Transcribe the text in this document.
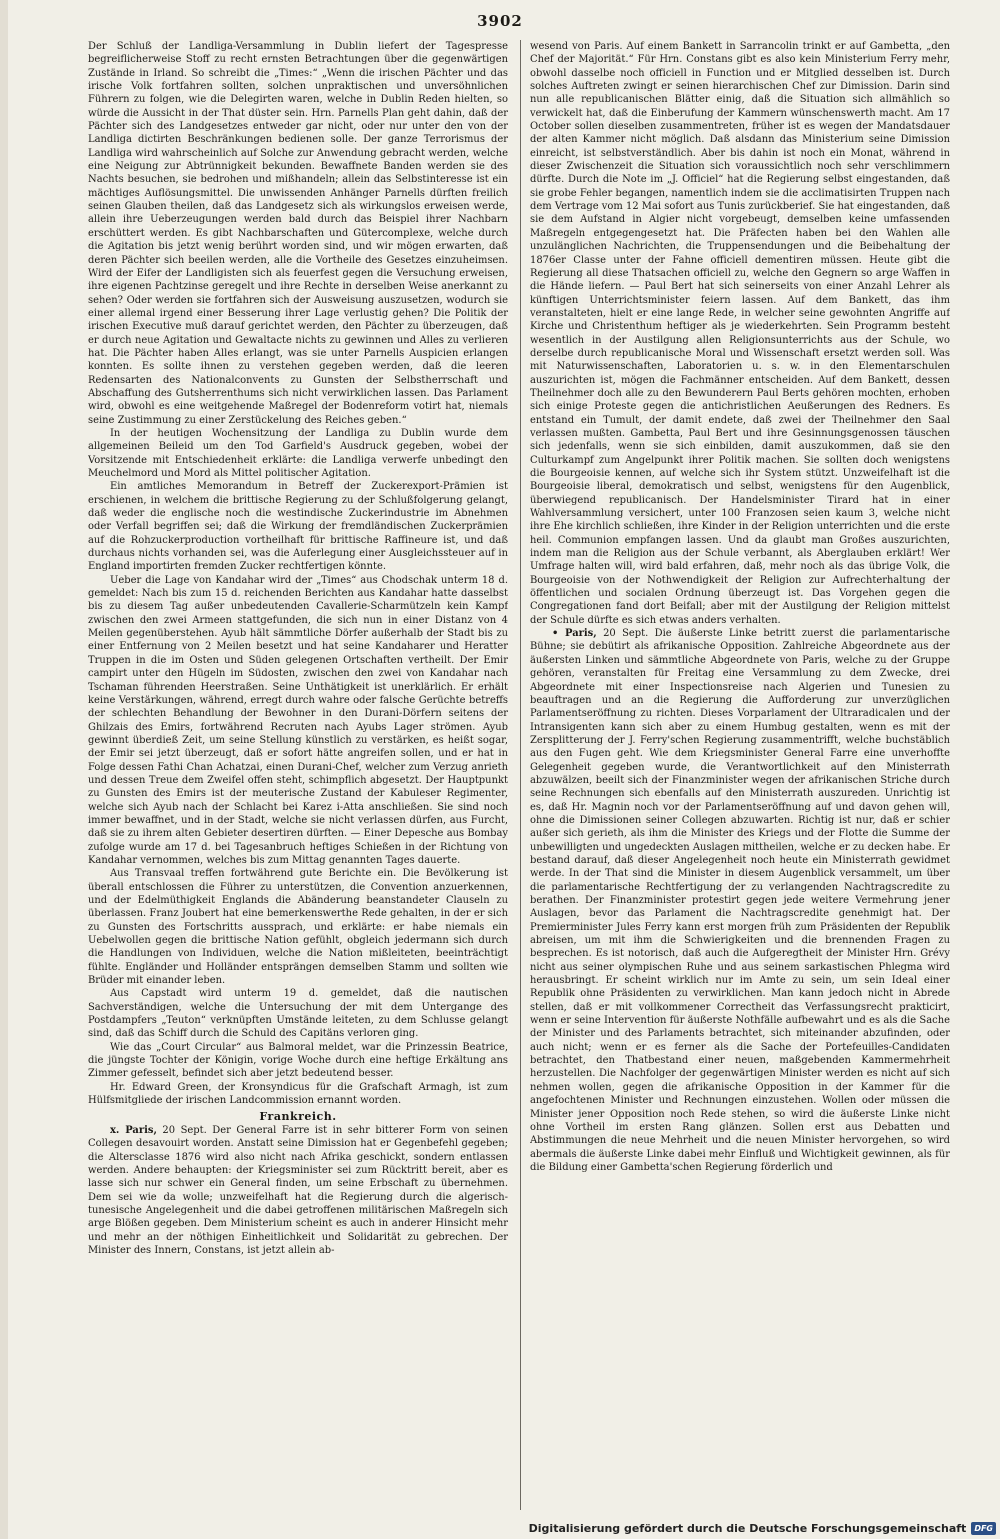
3902

Der Schluß der Landliga-Versammlung in Dublin liefert der Tagespresse begreiflicherweise Stoff zu recht ernsten Betrachtungen über die gegenwärtigen Zustände in Irland. So schreibt die „Times:“ „Wenn die irischen Pächter und das irische Volk fortfahren sollten, solchen unpraktischen und unversöhnlichen Führern zu folgen, wie die Delegirten waren, welche in Dublin Reden hielten, so würde die Aussicht in der That düster sein. Hrn. Parnells Plan geht dahin, daß der Pächter sich des Landgesetzes entweder gar nicht, oder nur unter den von der Landliga dictirten Beschränkungen bedienen solle. Der ganze Terrorismus der Landliga wird wahrscheinlich auf Solche zur Anwendung gebracht werden, welche eine Neigung zur Abtrünnigkeit bekunden. Bewaffnete Banden werden sie des Nachts besuchen, sie bedrohen und mißhandeln; allein das Selbstinteresse ist ein mächtiges Auflösungsmittel. Die unwissenden Anhänger Parnells dürften freilich seinen Glauben theilen, daß das Landgesetz sich als wirkungslos erweisen werde, allein ihre Ueberzeugungen werden bald durch das Beispiel ihrer Nachbarn erschüttert werden. Es gibt Nachbarschaften und Gütercomplexe, welche durch die Agitation bis jetzt wenig berührt worden sind, und wir mögen erwarten, daß deren Pächter sich beeilen werden, alle die Vortheile des Gesetzes einzuheimsen. Wird der Eifer der Landligisten sich als feuerfest gegen die Versuchung erweisen, ihre eigenen Pachtzinse geregelt und ihre Rechte in derselben Weise anerkannt zu sehen? Oder werden sie fortfahren sich der Ausweisung auszusetzen, wodurch sie einer allemal irgend einer Besserung ihrer Lage verlustig gehen? Die Politik der irischen Executive muß darauf gerichtet werden, den Pächter zu überzeugen, daß er durch neue Agitation und Gewaltacte nichts zu gewinnen und Alles zu verlieren hat. Die Pächter haben Alles erlangt, was sie unter Parnells Auspicien erlangen konnten. Es sollte ihnen zu verstehen gegeben werden, daß die leeren Redensarten des Nationalconvents zu Gunsten der Selbstherrschaft und Abschaffung des Gutsherrenthums sich nicht verwirklichen lassen. Das Parlament wird, obwohl es eine weitgehende Maßregel der Bodenreform votirt hat, niemals seine Zustimmung zu einer Zerstückelung des Reiches geben.“

In der heutigen Wochensitzung der Landliga zu Dublin wurde dem allgemeinen Beileid um den Tod Garfield's Ausdruck gegeben, wobei der Vorsitzende mit Entschiedenheit erklärte: die Landliga verwerfe unbedingt den Meuchelmord und Mord als Mittel politischer Agitation.

Ein amtliches Memorandum in Betreff der Zuckerexport-Prämien ist erschienen, in welchem die brittische Regierung zu der Schlußfolgerung gelangt, daß weder die englische noch die westindische Zuckerindustrie im Abnehmen oder Verfall begriffen sei; daß die Wirkung der fremdländischen Zuckerprämien auf die Rohzuckerproduction vortheilhaft für brittische Raffineure ist, und daß durchaus nichts vorhanden sei, was die Auferlegung einer Ausgleichssteuer auf in England importirten fremden Zucker rechtfertigen könnte.

Ueber die Lage von Kandahar wird der „Times“ aus Chodschak unterm 18 d. gemeldet: Nach bis zum 15 d. reichenden Berichten aus Kandahar hatte dasselbst bis zu diesem Tag außer unbedeutenden Cavallerie-Scharmützeln kein Kampf zwischen den zwei Armeen stattgefunden, die sich nun in einer Distanz von 4 Meilen gegenüberstehen. Ayub hält sämmtliche Dörfer außerhalb der Stadt bis zu einer Entfernung von 2 Meilen besetzt und hat seine Kandaharer und Heratter Truppen in die im Osten und Süden gelegenen Ortschaften vertheilt. Der Emir campirt unter den Hügeln im Südosten, zwischen den zwei von Kandahar nach Tschaman führenden Heerstraßen. Seine Unthätigkeit ist unerklärlich. Er erhält keine Verstärkungen, während, erregt durch wahre oder falsche Gerüchte betreffs der schlechten Behandlung der Bewohner in den Durani-Dörfern seitens der Ghilzais des Emirs, fortwährend Recruten nach Ayubs Lager strömen. Ayub gewinnt überdieß Zeit, um seine Stellung künstlich zu verstärken, es heißt sogar, der Emir sei jetzt überzeugt, daß er sofort hätte angreifen sollen, und er hat in Folge dessen Fathi Chan Achatzai, einen Durani-Chef, welcher zum Verzug anrieth und dessen Treue dem Zweifel offen steht, schimpflich abgesetzt. Der Hauptpunkt zu Gunsten des Emirs ist der meuterische Zustand der Kabuleser Regimenter, welche sich Ayub nach der Schlacht bei Karez i-Atta anschließen. Sie sind noch immer bewaffnet, und in der Stadt, welche sie nicht verlassen dürfen, aus Furcht, daß sie zu ihrem alten Gebieter desertiren dürften. — Einer Depesche aus Bombay zufolge wurde am 17 d. bei Tagesanbruch heftiges Schießen in der Richtung von Kandahar vernommen, welches bis zum Mittag genannten Tages dauerte.

Aus Transvaal treffen fortwährend gute Berichte ein. Die Bevölkerung ist überall entschlossen die Führer zu unterstützen, die Convention anzuerkennen, und der Edelmüthigkeit Englands die Abänderung beanstandeter Clauseln zu überlassen. Franz Joubert hat eine bemerkenswerthe Rede gehalten, in der er sich zu Gunsten des Fortschritts aussprach, und erklärte: er habe niemals ein Uebelwollen gegen die brittische Nation gefühlt, obgleich jedermann sich durch die Handlungen von Individuen, welche die Nation mißleiteten, beeinträchtigt fühlte. Engländer und Holländer entsprängen demselben Stamm und sollten wie Brüder mit einander leben.

Aus Capstadt wird unterm 19 d. gemeldet, daß die nautischen Sachverständigen, welche die Untersuchung der mit dem Untergange des Postdampfers „Teuton“ verknüpften Umstände leiteten, zu dem Schlusse gelangt sind, daß das Schiff durch die Schuld des Capitäns verloren ging.

Wie das „Court Circular“ aus Balmoral meldet, war die Prinzessin Beatrice, die jüngste Tochter der Königin, vorige Woche durch eine heftige Erkältung ans Zimmer gefesselt, befindet sich aber jetzt bedeutend besser.

Hr. Edward Green, der Kronsyndicus für die Grafschaft Armagh, ist zum Hülfsmitgliede der irischen Landcommission ernannt worden.

Frankreich.

x. Paris, 20 Sept. Der General Farre ist in sehr bitterer Form von seinen Collegen desavouirt worden. Anstatt seine Dimission hat er Gegenbefehl gegeben; die Altersclasse 1876 wird also nicht nach Afrika geschickt, sondern entlassen werden. Andere behaupten: der Kriegsminister sei zum Rücktritt bereit, aber es lasse sich nur schwer ein General finden, um seine Erbschaft zu übernehmen. Dem sei wie da wolle; unzweifelhaft hat die Regierung durch die algerisch-tunesische Angelegenheit und die dabei getroffenen militärischen Maßregeln sich arge Blößen gegeben. Dem Ministerium scheint es auch in anderer Hinsicht mehr und mehr an der nöthigen Einheitlichkeit und Solidarität zu gebrechen. Der Minister des Innern, Constans, ist jetzt allein ab-

wesend von Paris. Auf einem Bankett in Sarrancolin trinkt er auf Gambetta, „den Chef der Majorität.“ Für Hrn. Constans gibt es also kein Ministerium Ferry mehr, obwohl dasselbe noch officiell in Function und er Mitglied desselben ist. Durch solches Auftreten zwingt er seinen hierarchischen Chef zur Dimission. Darin sind nun alle republicanischen Blätter einig, daß die Situation sich allmählich so verwickelt hat, daß die Einberufung der Kammern wünschenswerth macht. Am 17 October sollen dieselben zusammentreten, früher ist es wegen der Mandatsdauer der alten Kammer nicht möglich. Daß alsdann das Ministerium seine Dimission einreicht, ist selbstverständlich. Aber bis dahin ist noch ein Monat, während in dieser Zwischenzeit die Situation sich voraussichtlich noch sehr verschlimmern dürfte. Durch die Note im „J. Officiel“ hat die Regierung selbst eingestanden, daß sie grobe Fehler begangen, namentlich indem sie die acclimatisirten Truppen nach dem Vertrage vom 12 Mai sofort aus Tunis zurückberief. Sie hat eingestanden, daß sie dem Aufstand in Algier nicht vorgebeugt, demselben keine umfassenden Maßregeln entgegengesetzt hat. Die Präfecten haben bei den Wahlen alle unzulänglichen Nachrichten, die Truppensendungen und die Beibehaltung der 1876er Classe unter der Fahne officiell dementiren müssen. Heute gibt die Regierung all diese Thatsachen officiell zu, welche den Gegnern so arge Waffen in die Hände liefern. — Paul Bert hat sich seinerseits von einer Anzahl Lehrer als künftigen Unterrichtsminister feiern lassen. Auf dem Bankett, das ihm veranstalteten, hielt er eine lange Rede, in welcher seine gewohnten Angriffe auf Kirche und Christenthum heftiger als je wiederkehrten. Sein Programm besteht wesentlich in der Austilgung allen Religionsunterrichts aus der Schule, wo derselbe durch republicanische Moral und Wissenschaft ersetzt werden soll. Was mit Naturwissenschaften, Laboratorien u. s. w. in den Elementarschulen auszurichten ist, mögen die Fachmänner entscheiden. Auf dem Bankett, dessen Theilnehmer doch alle zu den Bewunderern Paul Berts gehören mochten, erhoben sich einige Proteste gegen die antichristlichen Aeußerungen des Redners. Es entstand ein Tumult, der damit endete, daß zwei der Theilnehmer den Saal verlassen mußten. Gambetta, Paul Bert und ihre Gesinnungsgenossen täuschen sich jedenfalls, wenn sie sich einbilden, damit auszukommen, daß sie den Culturkampf zum Angelpunkt ihrer Politik machen. Sie sollten doch wenigstens die Bourgeoisie kennen, auf welche sich ihr System stützt. Unzweifelhaft ist die Bourgeoisie liberal, demokratisch und selbst, wenigstens für den Augenblick, überwiegend republicanisch. Der Handelsminister Tirard hat in einer Wahlversammlung versichert, unter 100 Franzosen seien kaum 3, welche nicht ihre Ehe kirchlich schließen, ihre Kinder in der Religion unterrichten und die erste heil. Communion empfangen lassen. Und da glaubt man Großes auszurichten, indem man die Religion aus der Schule verbannt, als Aberglauben erklärt! Wer Umfrage halten will, wird bald erfahren, daß, mehr noch als das übrige Volk, die Bourgeoisie von der Nothwendigkeit der Religion zur Aufrechterhaltung der öffentlichen und socialen Ordnung überzeugt ist. Das Vorgehen gegen die Congregationen fand dort Beifall; aber mit der Austilgung der Religion mittelst der Schule dürfte es sich etwas anders verhalten.

• Paris, 20 Sept. Die äußerste Linke betritt zuerst die parlamentarische Bühne; sie debütirt als afrikanische Opposition. Zahlreiche Abgeordnete aus der äußersten Linken und sämmtliche Abgeordnete von Paris, welche zu der Gruppe gehören, veranstalten für Freitag eine Versammlung zu dem Zwecke, drei Abgeordnete mit einer Inspectionsreise nach Algerien und Tunesien zu beauftragen und an die Regierung die Aufforderung zur unverzüglichen Parlamentseröffnung zu richten. Dieses Vorparlament der Ultraradicalen und der Intransigenten kann sich aber zu einem Humbug gestalten, wenn es mit der Zersplitterung der J. Ferry'schen Regierung zusammentrifft, welche buchstäblich aus den Fugen geht. Wie dem Kriegsminister General Farre eine unverhoffte Gelegenheit gegeben wurde, die Verantwortlichkeit auf den Ministerrath abzuwälzen, beeilt sich der Finanzminister wegen der afrikanischen Striche durch seine Rechnungen sich ebenfalls auf den Ministerrath auszureden. Unrichtig ist es, daß Hr. Magnin noch vor der Parlamentseröffnung auf und davon gehen will, ohne die Dimissionen seiner Collegen abzuwarten. Richtig ist nur, daß er schier außer sich gerieth, als ihm die Minister des Kriegs und der Flotte die Summe der unbewilligten und ungedeckten Auslagen mittheilen, welche er zu decken habe. Er bestand darauf, daß dieser Angelegenheit noch heute ein Ministerrath gewidmet werde. In der That sind die Minister in diesem Augenblick versammelt, um über die parlamentarische Rechtfertigung der zu verlangenden Nachtragscredite zu berathen. Der Finanzminister protestirt gegen jede weitere Vermehrung jener Auslagen, bevor das Parlament die Nachtragscredite genehmigt hat. Der Premierminister Jules Ferry kann erst morgen früh zum Präsidenten der Republik abreisen, um mit ihm die Schwierigkeiten und die brennenden Fragen zu besprechen. Es ist notorisch, daß auch die Aufgeregtheit der Minister Hrn. Grévy nicht aus seiner olympischen Ruhe und aus seinem sarkastischen Phlegma wird herausbringt. Er scheint wirklich nur im Amte zu sein, um sein Ideal einer Republik ohne Präsidenten zu verwirklichen. Man kann jedoch nicht in Abrede stellen, daß er mit vollkommener Correctheit das Verfassungsrecht prakticirt, wenn er seine Intervention für äußerste Nothfälle aufbewahrt und es als die Sache der Minister und des Parlaments betrachtet, sich miteinander abzufinden, oder auch nicht; wenn er es ferner als die Sache der Portefeuilles-Candidaten betrachtet, den Thatbestand einer neuen, maßgebenden Kammermehrheit herzustellen. Die Nachfolger der gegenwärtigen Minister werden es nicht auf sich nehmen wollen, gegen die afrikanische Opposition in der Kammer für die angefochtenen Minister und Rechnungen einzustehen. Wollen oder müssen die Minister jener Opposition noch Rede stehen, so wird die äußerste Linke nicht ohne Vortheil im ersten Rang glänzen. Sollen erst aus Debatten und Abstimmungen die neue Mehrheit und die neuen Minister hervorgehen, so wird abermals die äußerste Linke dabei mehr Einfluß und Wichtigkeit gewinnen, als für die Bildung einer Gambetta'schen Regierung förderlich und

Digitalisierung gefördert durch die Deutsche Forschungsgemeinschaft	DFG
